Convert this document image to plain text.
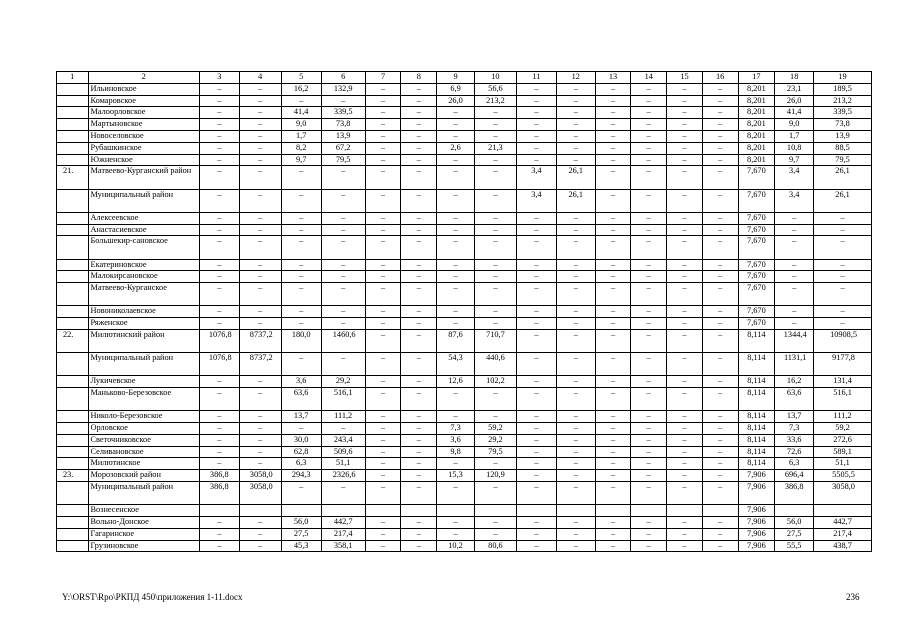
1	2	3	4	5	6	7	8	9	10	11	12	13	14	15	16	17	18	19
	Ильиновское	–	–	16,2	132,9	–	–	6,9	56,6	–	–	–	–	–	–	8,201	23,1	189,5
	Комаровское	–	–	–	–	–	–	26,0	213,2	–	–	–	–	–	–	8,201	26,0	213,2
	Малоорловское	–	–	41,4	339,5	–	–	–	–	–	–	–	–	–	–	8,201	41,4	339,5
	Мартыновское	–	–	9,0	73,8	–	–	–	–	–	–	–	–	–	–	8,201	9,0	73,8
	Новоселовское	–	–	1,7	13,9	–	–	–	–	–	–	–	–	–	–	8,201	1,7	13,9
	Рубашкинское	–	–	8,2	67,2	–	–	2,6	21,3	–	–	–	–	–	–	8,201	10,8	88,5
	Южненское	–	–	9,7	79,5	–	–	–	–	–	–	–	–	–	–	8,201	9,7	79,5
21.	Матвеево-Курганский район	–	–	–	–	–	–	–	–	3,4	26,1	–	–	–	–	7,670	3,4	26,1
	Муниципальный район	–	–	–	–	–	–	–	–	3,4	26,1	–	–	–	–	7,670	3,4	26,1
	Алексеевское	–	–	–	–	–	–	–	–	–	–	–	–	–	–	7,670	–	–
	Анастасиевское	–	–	–	–	–	–	–	–	–	–	–	–	–	–	7,670	–	–
	Большекир-сановское	–	–	–	–	–	–	–	–	–	–	–	–	–	–	7,670	–	–
	Екатериновское	–	–	–	–	–	–	–	–	–	–	–	–	–	–	7,670	–	–
	Малокирсановское	–	–	–	–	–	–	–	–	–	–	–	–	–	–	7,670	–	–
	Матвеево-Курганское	–	–	–	–	–	–	–	–	–	–	–	–	–	–	7,670	–	–
	Новониколаевское	–	–	–	–	–	–	–	–	–	–	–	–	–	–	7,670	–	–
	Ряженское	–	–	–	–	–	–	–	–	–	–	–	–	–	–	7,670	–	–
22.	Милютинский район	1076,8	8737,2	180,0	1460,6	–	–	87,6	710,7	–	–	–	–	–	–	8,114	1344,4	10908,5
	Муниципальный район	1076,8	8737,2	–	–	–	–	54,3	440,6	–	–	–	–	–	–	8,114	1131,1	9177,8
	Лукичевское	–	–	3,6	29,2	–	–	12,6	102,2	–	–	–	–	–	–	8,114	16,2	131,4
	Маньково-Березовское	–	–	63,6	516,1	–	–	–	–	–	–	–	–	–	–	8,114	63,6	516,1
	Николо-Березовское	–	–	13,7	111,2	–	–	–	–	–	–	–	–	–	–	8,114	13,7	111,2
	Орловское	–	–	–	–	–	–	7,3	59,2	–	–	–	–	–	–	8,114	7,3	59,2
	Светочниковское	–	–	30,0	243,4	–	–	3,6	29,2	–	–	–	–	–	–	8,114	33,6	272,6
	Селивановское	–	–	62,8	509,6	–	–	9,8	79,5	–	–	–	–	–	–	8,114	72,6	589,1
	Милютинское	–	–	6,3	51,1	–	–	–	–	–	–	–	–	–	–	8,114	6,3	51,1
23.	Морозовский район	386,8	3058,0	294,3	2326,6	–	–	15,3	120,9	–	–	–	–	–	–	7,906	696,4	5505,5
	Муниципальный район	386,8	3058,0	–	–	–	–	–	–	–	–	–	–	–	–	7,906	386,8	3058,0
	Вознесенское															7,906		
	Вольно-Донское	–	–	56,0	442,7	–	–	–	–	–	–	–	–	–	–	7,906	56,0	442,7
	Гагаринское	–	–	27,5	217,4	–	–	–	–	–	–	–	–	–	–	7,906	27,5	217,4
	Грузиновское	–	–	45,3	358,1	–	–	10,2	80,6	–	–	–	–	–	–	7,906	55,5	438,7
Y:\ORST\Rpo\РКПД 450\приложения 1-11.docx	236
